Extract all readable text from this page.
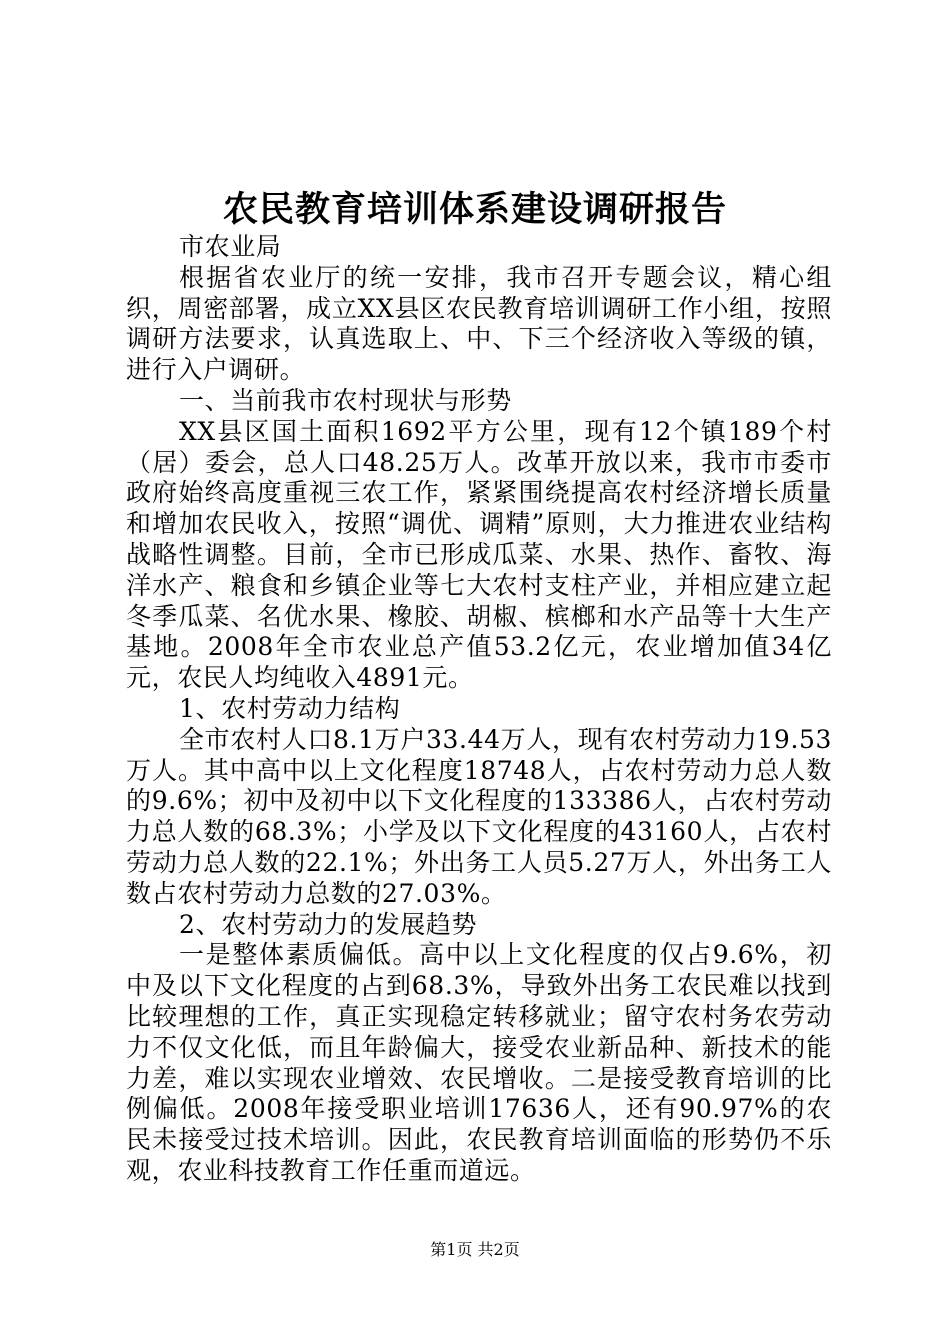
农民教育培训体系建设调研报告

市农业局

根据省农业厅的统一安排，我市召开专题会议，精心组织，周密部署，成立XX县区农民教育培训调研工作小组，按照调研方法要求，认真选取上、中、下三个经济收入等级的镇，进行入户调研。

一、当前我市农村现状与形势

XX县区国土面积1692平方公里，现有12个镇189个村（居）委会，总人口48.25万人。改革开放以来，我市市委市政府始终高度重视三农工作，紧紧围绕提高农村经济增长质量和增加农民收入，按照“调优、调精”原则，大力推进农业结构战略性调整。目前，全市已形成瓜菜、水果、热作、畜牧、海洋水产、粮食和乡镇企业等七大农村支柱产业，并相应建立起冬季瓜菜、名优水果、橡胶、胡椒、槟榔和水产品等十大生产基地。2008年全市农业总产值53.2亿元，农业增加值34亿元，农民人均纯收入4891元。

1、农村劳动力结构

全市农村人口8.1万户33.44万人，现有农村劳动力19.53万人。其中高中以上文化程度18748人，占农村劳动力总人数的9.6%；初中及初中以下文化程度的133386人，占农村劳动力总人数的68.3%；小学及以下文化程度的43160人，占农村劳动力总人数的22.1%；外出务工人员5.27万人，外出务工人数占农村劳动力总数的27.03%。

2、农村劳动力的发展趋势

一是整体素质偏低。高中以上文化程度的仅占9.6%，初中及以下文化程度的占到68.3%，导致外出务工农民难以找到比较理想的工作，真正实现稳定转移就业；留守农村务农劳动力不仅文化低，而且年龄偏大，接受农业新品种、新技术的能力差，难以实现农业增效、农民增收。二是接受教育培训的比例偏低。2008年接受职业培训17636人，还有90.97%的农民未接受过技术培训。因此，农民教育培训面临的形势仍不乐观，农业科技教育工作任重而道远。

第1页 共2页
